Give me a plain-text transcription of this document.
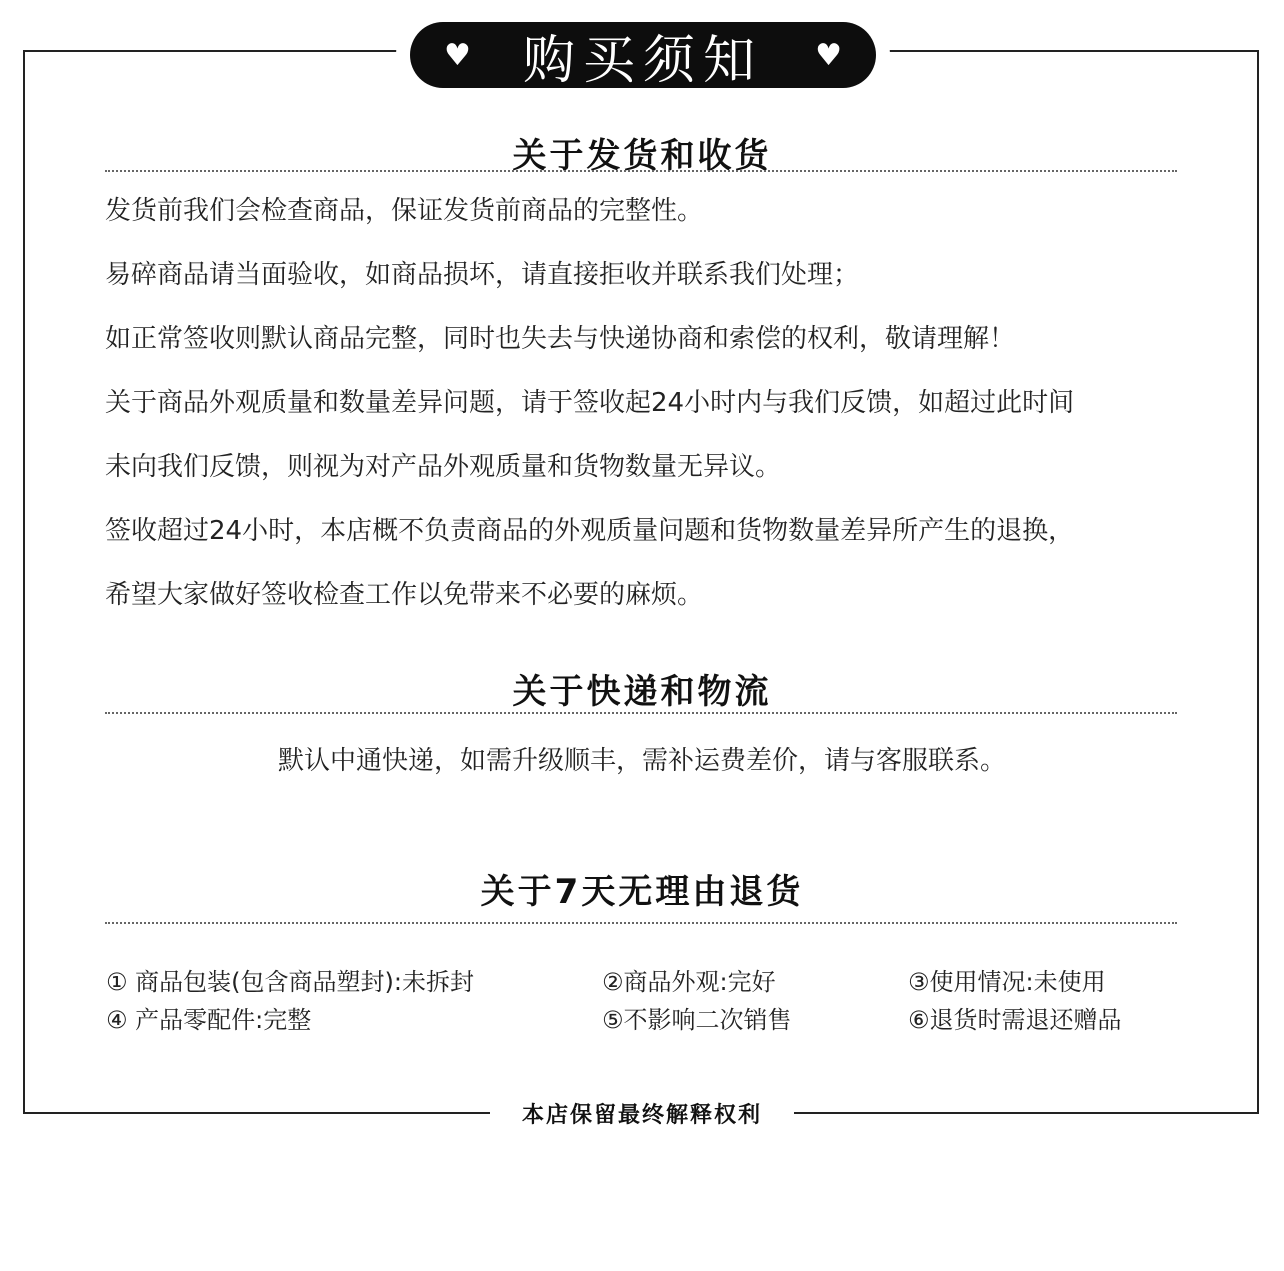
♥ 购买须知 ♥
关于发货和收货
发货前我们会检查商品，保证发货前商品的完整性。
易碎商品请当面验收，如商品损坏，请直接拒收并联系我们处理；
如正常签收则默认商品完整，同时也失去与快递协商和索偿的权利，敬请理解！
关于商品外观质量和数量差异问题，请于签收起24小时内与我们反馈，如超过此时间
未向我们反馈，则视为对产品外观质量和货物数量无异议。
签收超过24小时，本店概不负责商品的外观质量问题和货物数量差异所产生的退换，
希望大家做好签收检查工作以免带来不必要的麻烦。
关于快递和物流
默认中通快递，如需升级顺丰，需补运费差价，请与客服联系。
关于7天无理由退货
① 商品包装(包含商品塑封):未拆封	②商品外观:完好	③使用情况:未使用
④ 产品零配件:完整	⑤不影响二次销售	⑥退货时需退还赠品
本店保留最终解释权利
